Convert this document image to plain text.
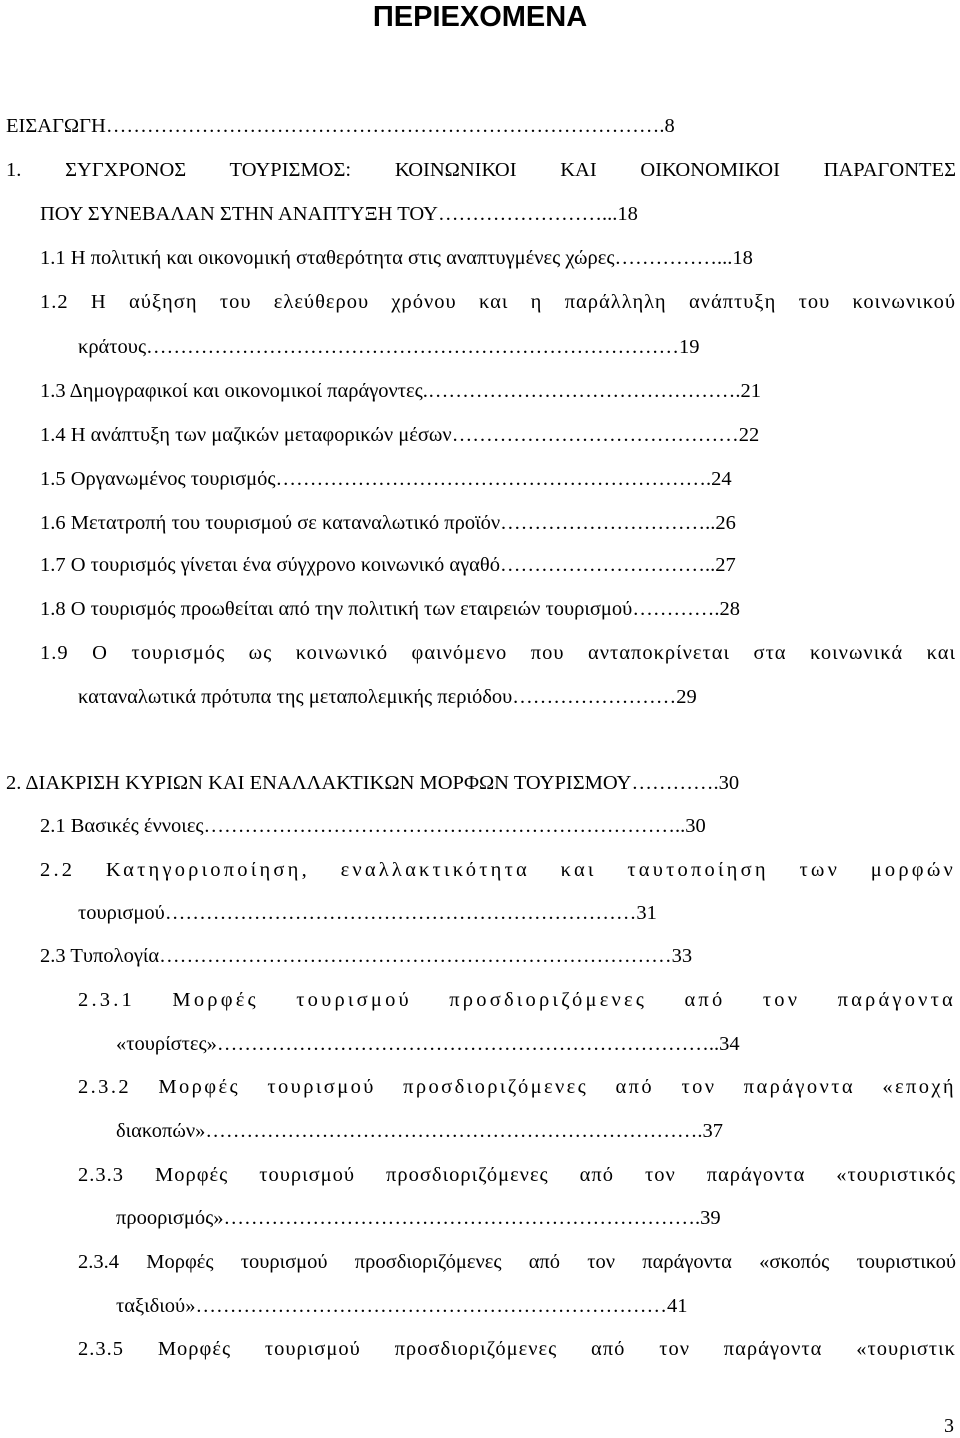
ΠΕΡΙΕΧΟΜΕΝΑ
ΕΙΣΑΓΩΓΗ……………………………………………………………………….8
1. ΣΥΓΧΡΟΝΟΣ ΤΟΥΡΙΣΜΟΣ: ΚΟΙΝΩΝΙΚΟΙ ΚΑΙ ΟΙΚΟΝΟΜΙΚΟΙ ΠΑΡΑΓΟΝΤΕΣ
ΠΟΥ ΣΥΝΕΒΑΛΑΝ ΣΤΗΝ ΑΝΑΠΤΥΞΗ ΤΟΥ……………………...18
1.1 Η πολιτική και οικονομική σταθερότητα στις αναπτυγμένες χώρες……………...18
1.2 Η αύξηση του ελεύθερου χρόνου και η παράλληλη ανάπτυξη του κοινωνικού
κράτους……………………………………………………………………19
1.3 Δημογραφικοί και οικονομικοί παράγοντες.……………………………………….21
1.4 Η ανάπτυξη των μαζικών μεταφορικών μέσων……………………………………22
1.5 Οργανωμένος τουρισμός……………………………………………………….24
1.6 Μετατροπή του τουρισμού σε καταναλωτικό προϊόν…………………………..26
1.7 Ο τουρισμός γίνεται ένα σύγχρονο κοινωνικό αγαθό…………………………..27
1.8 Ο τουρισμός προωθείται από την πολιτική των εταιρειών τουρισμού………….28
1.9 Ο τουρισμός ως κοινωνικό φαινόμενο που ανταποκρίνεται στα κοινωνικά και
καταναλωτικά πρότυπα της μεταπολεμικής περιόδου……………………29
2. ΔΙΑΚΡΙΣΗ ΚΥΡΙΩΝ ΚΑΙ ΕΝΑΛΛΑΚΤΙΚΩΝ ΜΟΡΦΩΝ ΤΟΥΡΙΣΜΟΥ………….30
2.1 Βασικές έννοιες……………………………………………………………..30
2.2 Κατηγοριοποίηση, εναλλακτικότητα και ταυτοποίηση των μορφών
τουρισμού……………………………………………………………31
2.3 Τυπολογία…………………………………………………………………33
2.3.1 Μορφές τουρισμού προσδιοριζόμενες από τον παράγοντα
«τουρίστες»………………………………………………………………..34
2.3.2 Μορφές τουρισμού προσδιοριζόμενες από τον παράγοντα «εποχή
διακοπών»……………………………………………………………….37
2.3.3 Μορφές τουρισμού προσδιοριζόμενες από τον παράγοντα «τουριστικός
προορισμός»…………………………………………………………….39
2.3.4 Μορφές τουρισμού προσδιοριζόμενες από τον παράγοντα «σκοπός τουριστικού
ταξιδιού»……………………………………………………………41
2.3.5 Μορφές τουρισμού προσδιοριζόμενες από τον παράγοντα «τουριστικ
3
